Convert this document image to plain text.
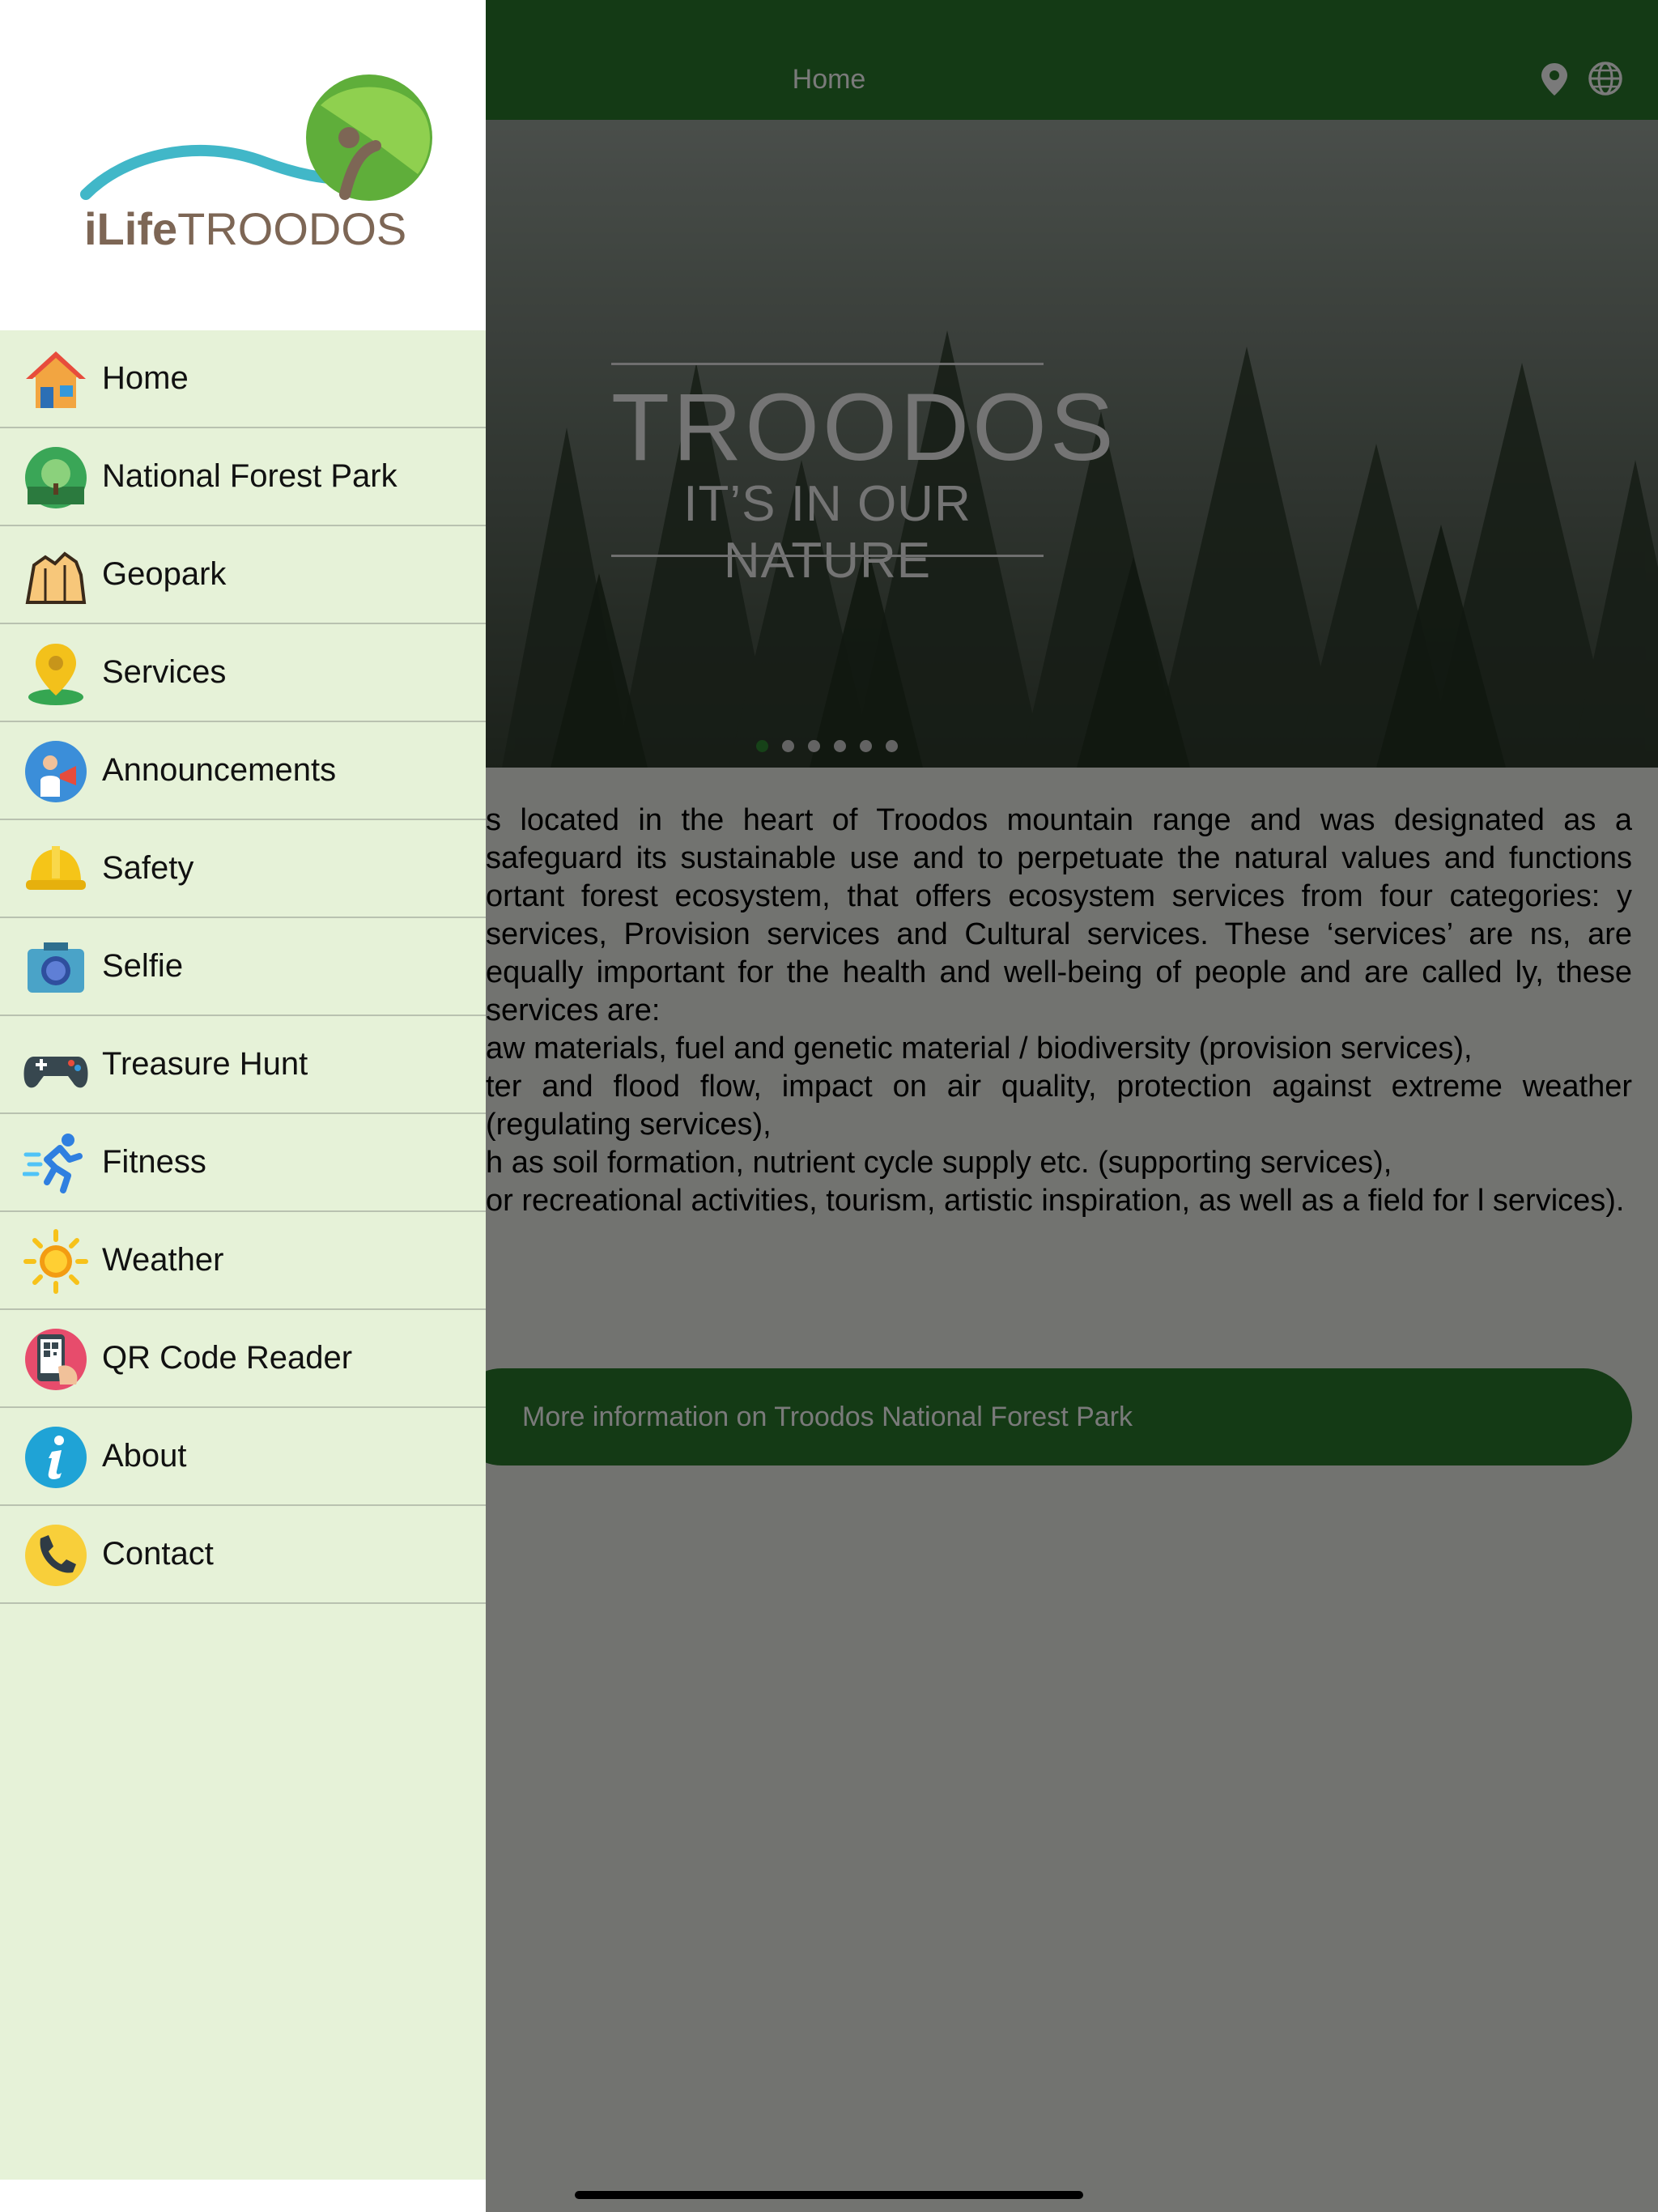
iLifeTROODOS
Home
National Forest Park
Geopark
Services
Announcements
Safety
Selfie
Treasure Hunt
Fitness
Weather
QR Code Reader
About
Contact
